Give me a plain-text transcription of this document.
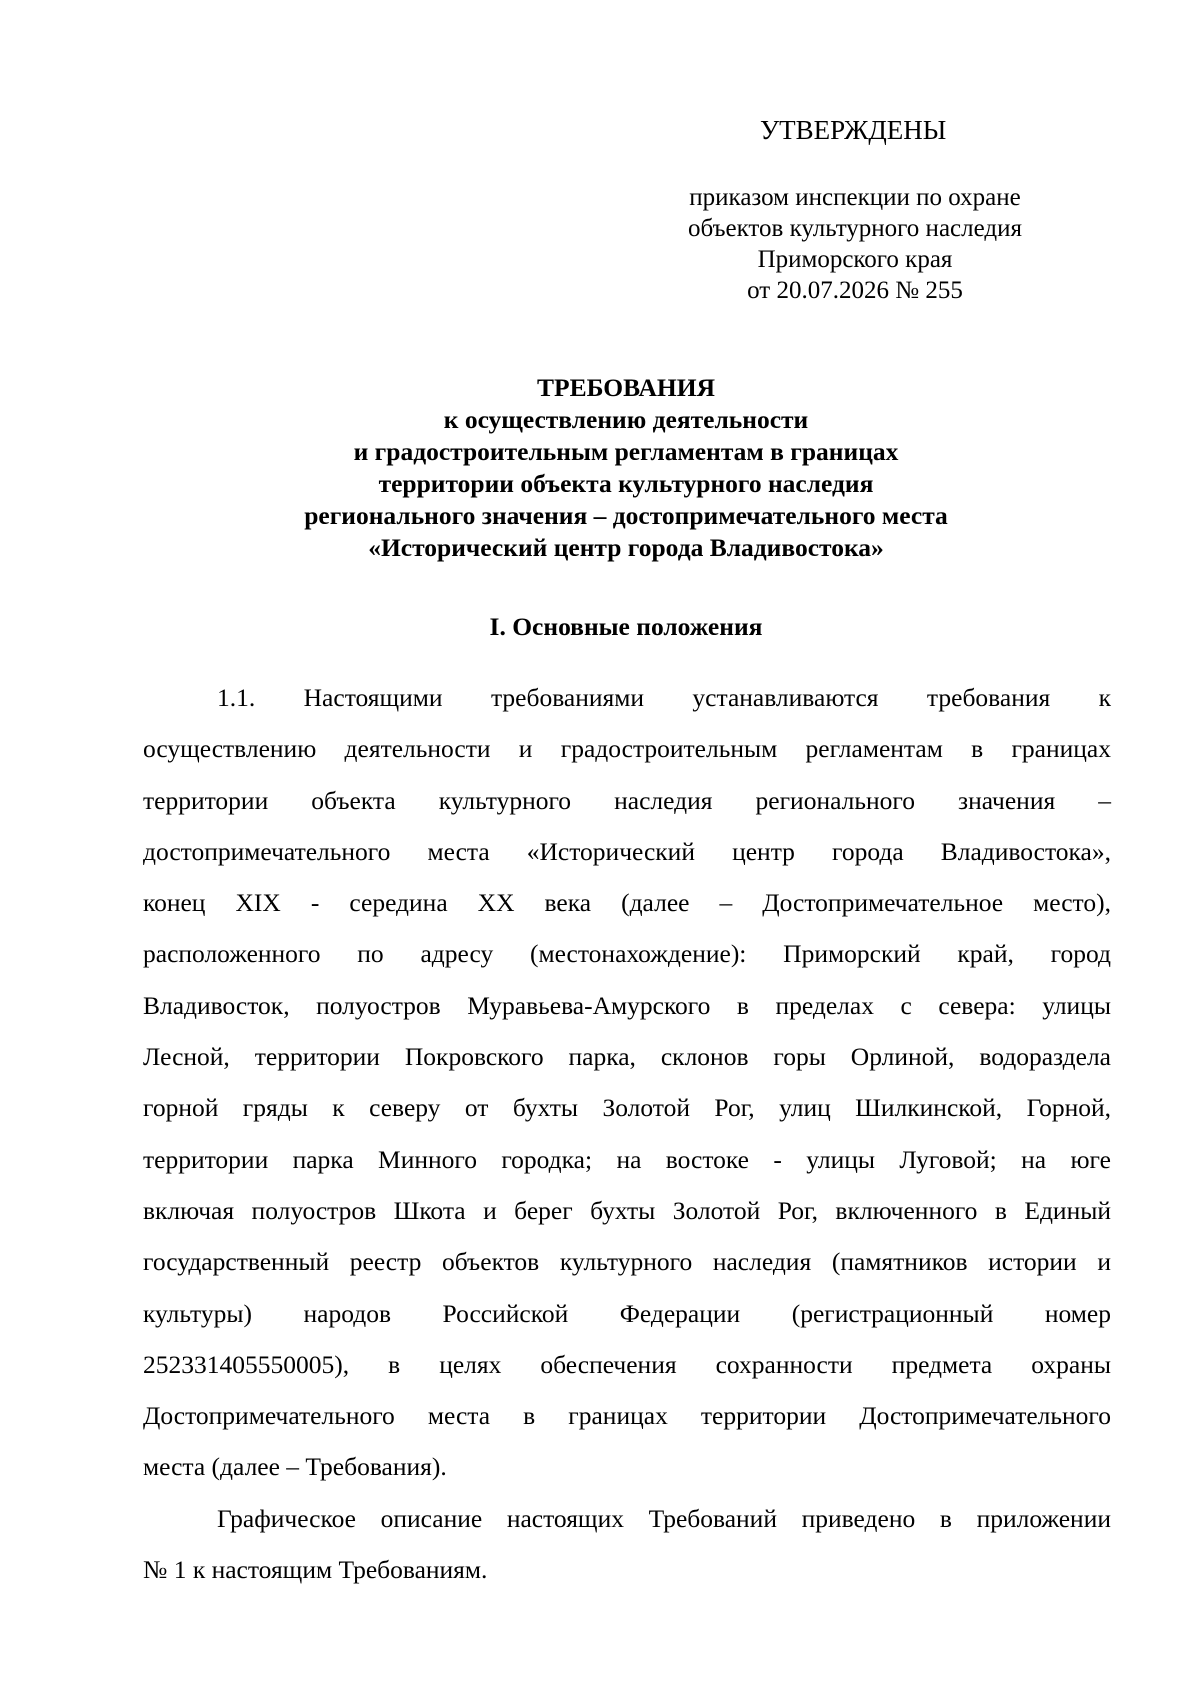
УТВЕРЖДЕНЫ
приказом инспекции по охране
объектов культурного наследия
Приморского края
от 20.07.2026 № 255
ТРЕБОВАНИЯ
к осуществлению деятельности
и градостроительным регламентам в границах
территории объекта культурного наследия
регионального значения – достопримечательного места
«Исторический центр города Владивостока»
I. Основные положения
1.1. Настоящими требованиями устанавливаются требования к
осуществлению деятельности и градостроительным регламентам в границах
территории объекта культурного наследия регионального значения –
достопримечательного места «Исторический центр города Владивостока»,
конец XIX - середина XX века (далее – Достопримечательное место),
расположенного по адресу (местонахождение): Приморский край, город
Владивосток, полуостров Муравьева-Амурского в пределах с севера: улицы
Лесной, территории Покровского парка, склонов горы Орлиной, водораздела
горной гряды к северу от бухты Золотой Рог, улиц Шилкинской, Горной,
территории парка Минного городка; на востоке - улицы Луговой; на юге
включая полуостров Шкота и берег бухты Золотой Рог, включенного в Единый
государственный реестр объектов культурного наследия (памятников истории и
культуры) народов Российской Федерации (регистрационный номер
252331405550005), в целях обеспечения сохранности предмета охраны
Достопримечательного места в границах территории Достопримечательного
места (далее – Требования).
Графическое описание настоящих Требований приведено в приложении
№ 1 к настоящим Требованиям.
